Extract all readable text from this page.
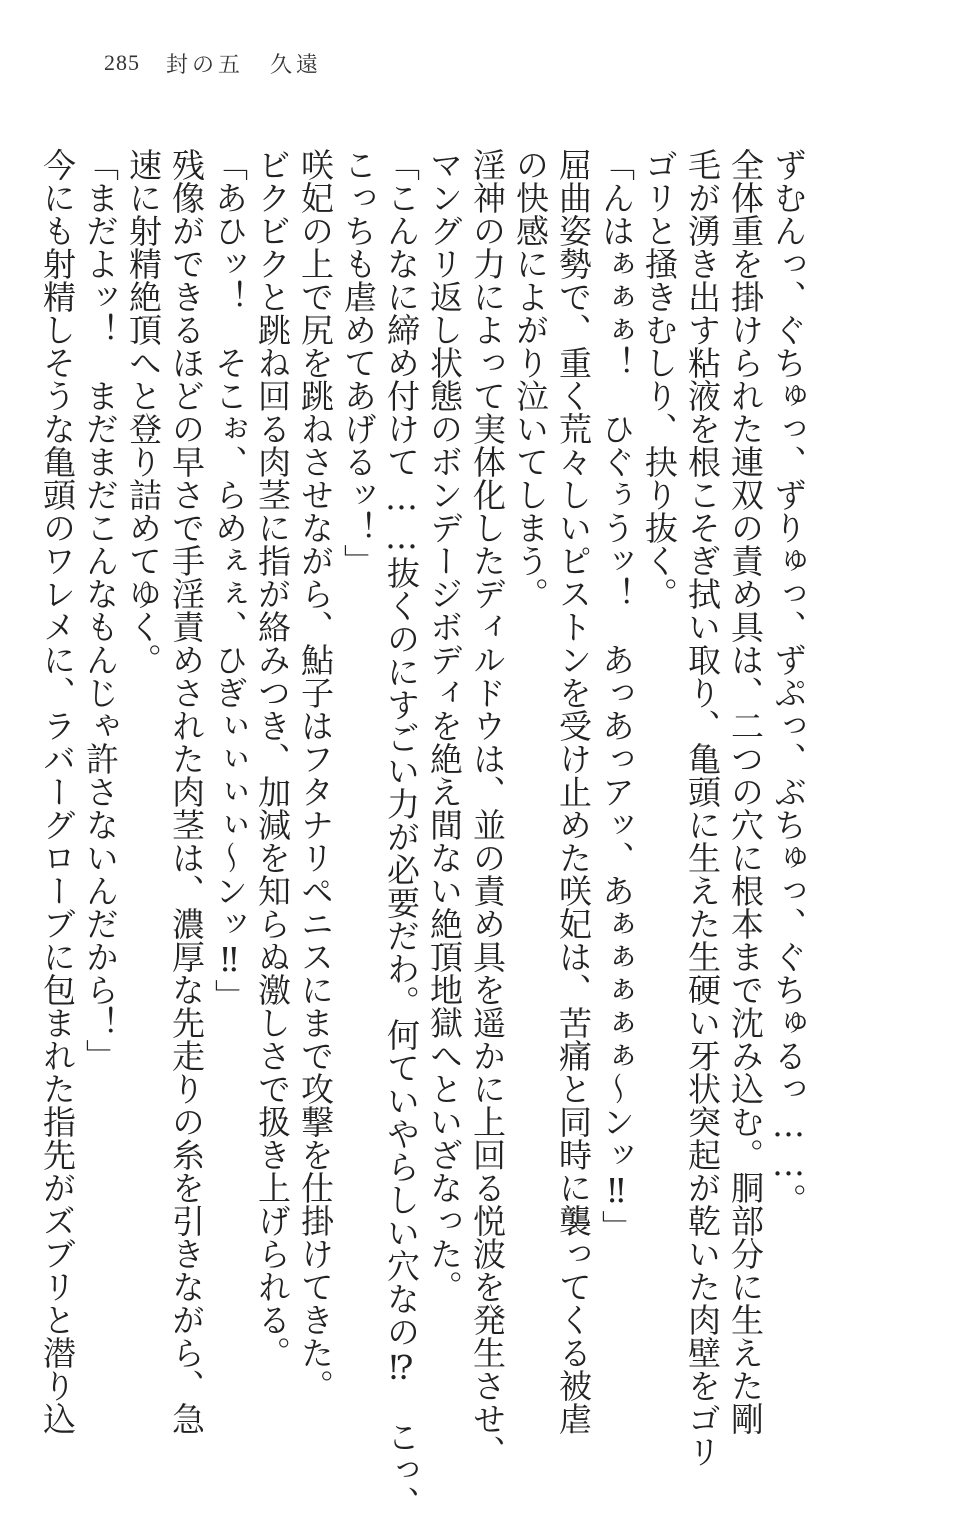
285 封の五　久遠
ずむんっ、ぐちゅっ、ずりゅっ、ずぷっ、ぶちゅっ、ぐちゅるっ……。
全体重を掛けられた連双の責め具は、二つの穴に根本まで沈み込む。胴部分に生えた剛
毛が湧き出す粘液を根こそぎ拭い取り、亀頭に生えた生硬い牙状突起が乾いた肉壁をゴリ
ゴリと掻きむしり、抉り抜く。
「んはぁぁぁ！　ひぐぅうッ！　あっあっアッ、あぁぁぁぁぁ～ンッ‼」
屈曲姿勢で、重く荒々しいピストンを受け止めた咲妃は、苦痛と同時に襲ってくる被虐
の快感によがり泣いてしまう。
淫神の力によって実体化したディルドウは、並の責め具を遥かに上回る悦波を発生させ、
マングリ返し状態のボンデージボディを絶え間ない絶頂地獄へといざなった。
「こんなに締め付けて……抜くのにすごい力が必要だわ。何ていやらしい穴なの⁉　こっ、
こっちも虐めてあげるッ！」
咲妃の上で尻を跳ねさせながら、鮎子はフタナリペニスにまで攻撃を仕掛けてきた。
ビクビクと跳ね回る肉茎に指が絡みつき、加減を知らぬ激しさで扱き上げられる。
「あひッ！　そこぉ、らめぇぇ、ひぎぃぃぃぃ～ンッ‼」
残像ができるほどの早さで手淫責めされた肉茎は、濃厚な先走りの糸を引きながら、急
速に射精絶頂へと登り詰めてゆく。
「まだよッ！　まだまだこんなもんじゃ許さないんだから！」
今にも射精しそうな亀頭のワレメに、ラバーグローブに包まれた指先がズブリと潜り込
